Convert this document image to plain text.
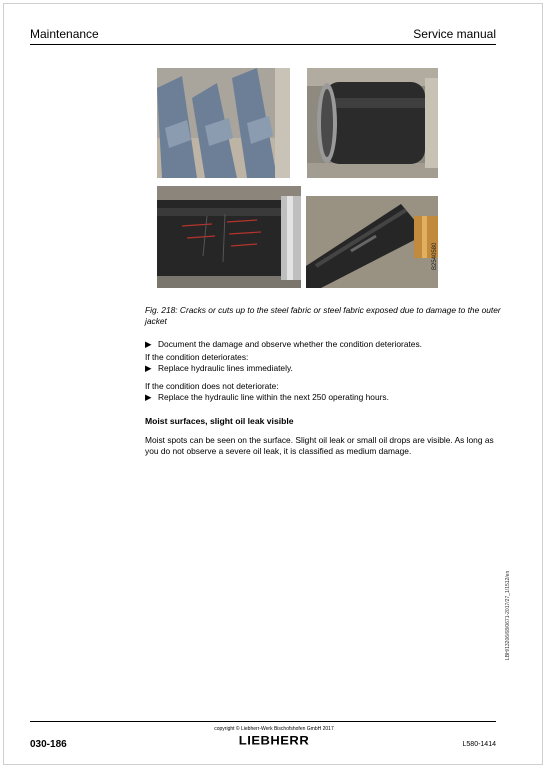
Maintenance	Service manual
B2540580
Fig. 218: Cracks or cuts up to the steel fabric or steel fabric exposed due to damage to the outer jacket
▶ Document the damage and observe whether the condition deteriorates.
If the condition deteriorates:
▶ Replace hydraulic lines immediately.
If the condition does not deteriorate:
▶ Replace the hydraulic line within the next 250 operating hours.
Moist surfaces, slight oil leak visible
Moist spots can be seen on the surface. Slight oil leak or small oil drops are visible. As long as you do not observe a severe oil leak, it is classified as medium damage.
LBH/13206/68/0671-2017/27_1/1512/en
copyright © Liebherr-Werk Bischofshofen GmbH 2017
030-186	LIEBHERR	L580-1414
